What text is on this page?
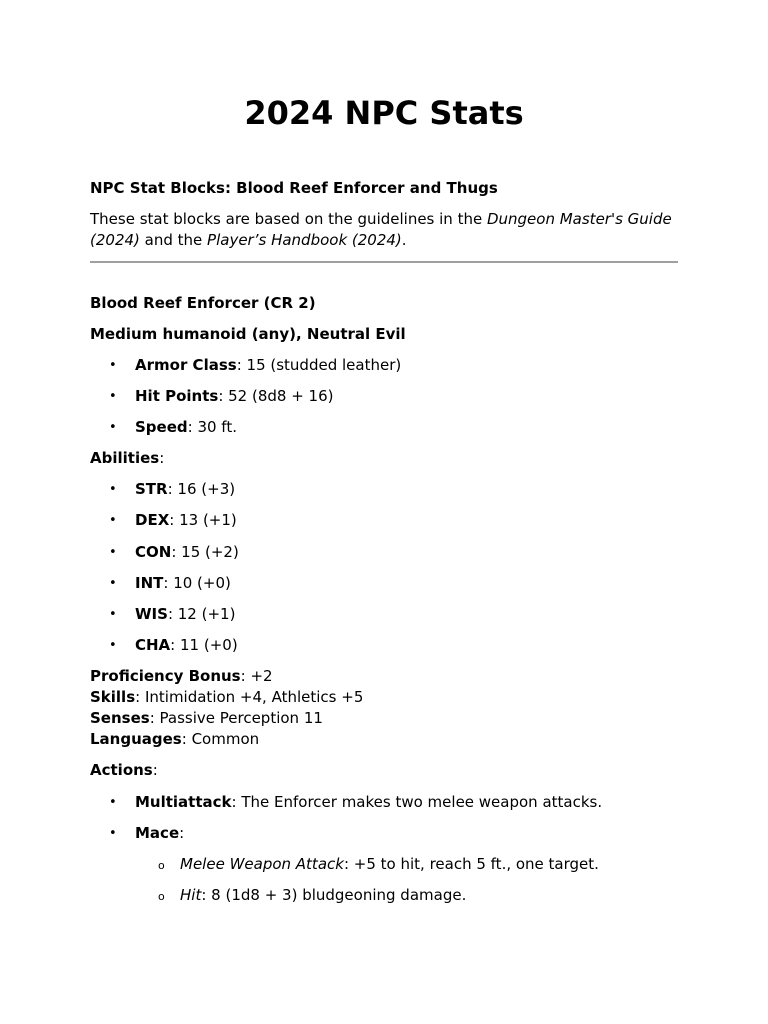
2024 NPC Stats

NPC Stat Blocks: Blood Reef Enforcer and Thugs

These stat blocks are based on the guidelines in the Dungeon Master's Guide (2024) and the Player’s Handbook (2024).

Blood Reef Enforcer (CR 2)

Medium humanoid (any), Neutral Evil

• Armor Class: 15 (studded leather)

• Hit Points: 52 (8d8 + 16)

• Speed: 30 ft.

Abilities:

• STR: 16 (+3)

• DEX: 13 (+1)

• CON: 15 (+2)

• INT: 10 (+0)

• WIS: 12 (+1)

• CHA: 11 (+0)

Proficiency Bonus: +2

Skills: Intimidation +4, Athletics +5

Senses: Passive Perception 11

Languages: Common

Actions:

• Multiattack: The Enforcer makes two melee weapon attacks.

• Mace:

o Melee Weapon Attack: +5 to hit, reach 5 ft., one target.

o Hit: 8 (1d8 + 3) bludgeoning damage.
